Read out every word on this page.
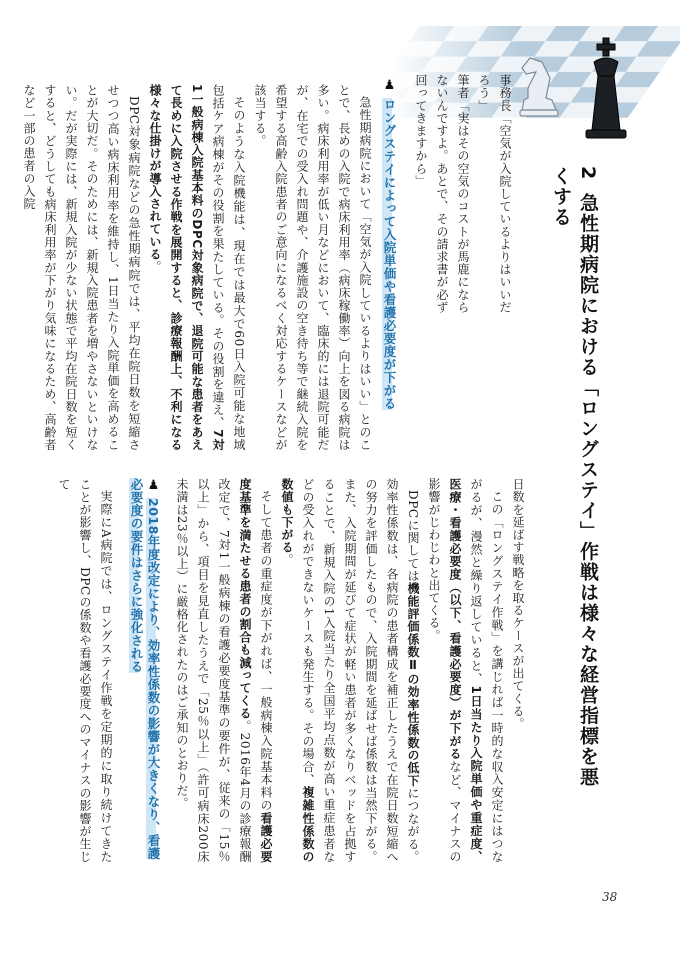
2急性期病院における「ロングステイ」作戦は様々な経営指標を悪くする
事務長「空気が入院しているよりはいいだろう」
筆者「実はその空気のコストが馬鹿にならないんですよ。あとで、その請求書が必ず回ってきますから」

日数を延ばす戦略を取るケースが出てくる。

この「ロングステイ作戦」を講じれば一時的な収入安定にはつながるが、漫然と繰り返していると、1日当たり入院単価や重症度、医療・看護必要度（以下、看護必要度）が下がるなど、マイナスの影響がじわじわと出てくる。

DPCに関しては機能評価係数Ⅱの効率性係数の低下につながる。効率性係数は、各病院の患者構成を補正したうえで在院日数短縮への努力を評価したもので、入院期間を延ばせば係数は当然下がる。また、入院期間が延びて症状が軽い患者が多くなりベッドを占拠することで、新規入院の1入院当たり全国平均点数が高い重症患者などの受入れができないケースも発生する。その場合、複雑性係数の数値も下がる。

そして患者の重症度が下がれば、一般病棟入院基本料の看護必要度基準を満たせる患者の割合も減ってくる。2016年4月の診療報酬改定で、7対1一般病棟の看護必要度基準の要件が、従来の「15％以上」から、項目を見直したうえで「25％以上」（許可病床200床未満は23％以上）に厳格化されたのはご承知のとおりだ。

♟2018年度改定により、効率性係数の影響が大きくなり、看護必要度の要件はさらに強化される

実際にA病院では、ロングステイ作戦を定期的に取り続けてきたことが影響し、DPCの係数や看護必要度へのマイナスの影響が生じて

♟ロングステイによって入院単価や看護必要度が下がる

急性期病院において「空気が入院しているよりはいい」とのことで、長めの入院で病床利用率（病床稼働率）向上を図る病院は多い。病床利用率が低い月などにおいて、臨床的には退院可能だが、在宅での受入れ問題や、介護施設の空き待ち等で継続入院を希望する高齢入院患者のご意向になるべく対応するケースなどが該当する。

そのような入院機能は、現在では最大で60日入院可能な地域包括ケア病棟がその役割を果たしている。その役割を違え、7対1一般病棟入院基本料のDPC対象病院で、退院可能な患者をあえて長めに入院させる作戦を展開すると、診療報酬上、不利になる様々な仕掛けが導入されている。

DPC対象病院などの急性期病院では、平均在院日数を短縮させつつ高い病床利用率を維持し、1日当たり入院単価を高めることが大切だ。そのためには、新規入院患者を増やさないといけない。だが実際には、新規入院が少ない状態で平均在院日数を短くすると、どうしても病床利用率が下がり気味になるため、高齢者など一部の患者の入院

38
